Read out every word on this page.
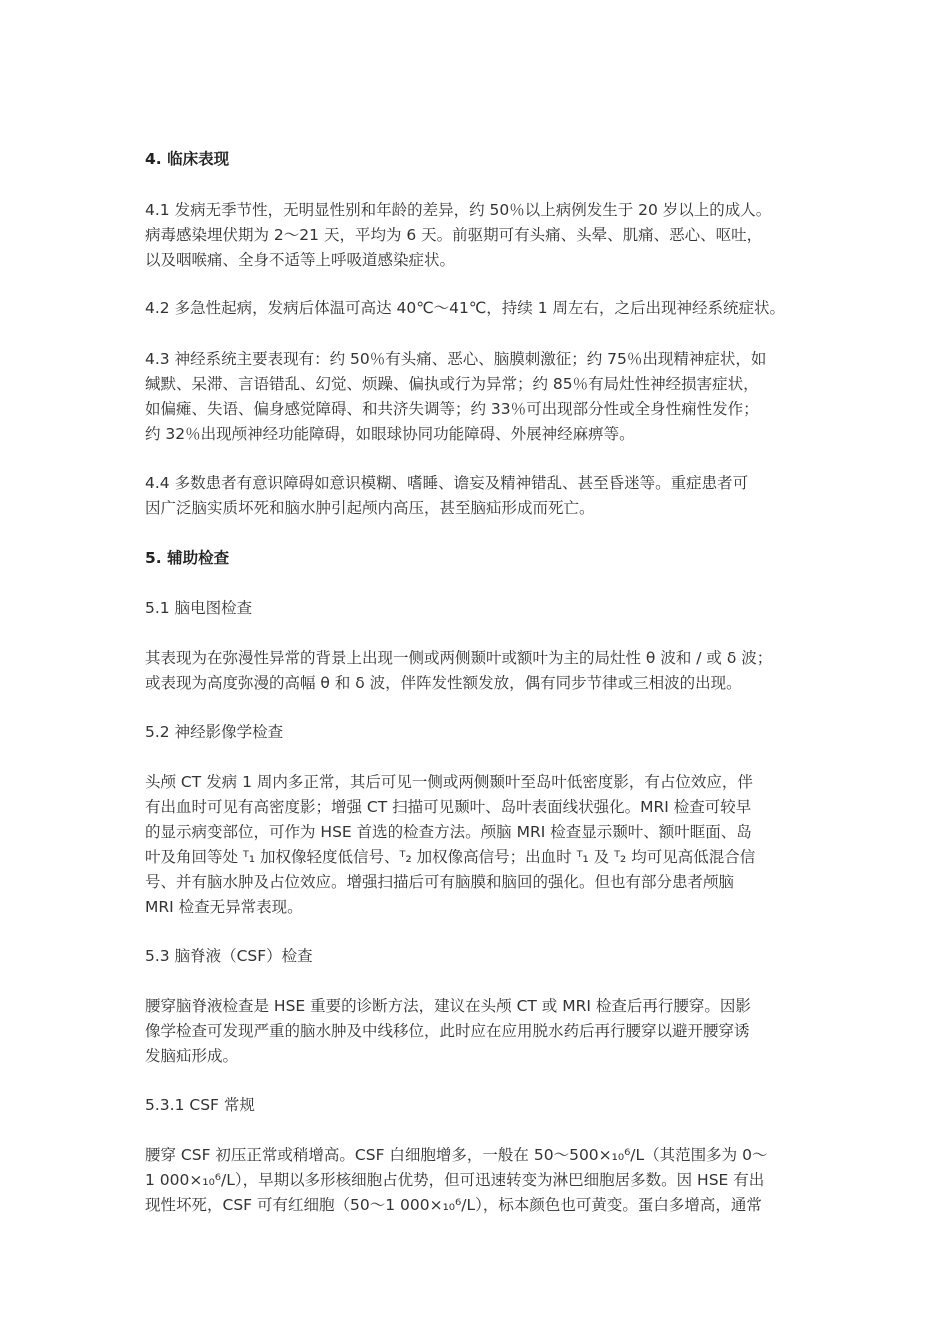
4. 临床表现
4.1 发病无季节性，无明显性别和年龄的差异，约 50％以上病例发生于 20 岁以上的成人。
病毒感染埋伏期为 2～21 天，平均为 6 天。前驱期可有头痛、头晕、肌痛、恶心、呕吐，
以及咽喉痛、全身不适等上呼吸道感染症状。
4.2 多急性起病，发病后体温可高达 40℃～41℃，持续 1 周左右，之后出现神经系统症状。
4.3 神经系统主要表现有：约 50％有头痛、恶心、脑膜刺激征；约 75％出现精神症状，如
缄默、呆滞、言语错乱、幻觉、烦躁、偏执或行为异常；约 85％有局灶性神经损害症状，
如偏瘫、失语、偏身感觉障碍、和共济失调等；约 33％可出现部分性或全身性痫性发作；
约 32％出现颅神经功能障碍，如眼球协同功能障碍、外展神经麻痹等。
4.4 多数患者有意识障碍如意识模糊、嗜睡、谵妄及精神错乱、甚至昏迷等。重症患者可
因广泛脑实质坏死和脑水肿引起颅内高压，甚至脑疝形成而死亡。
5. 辅助检查
5.1 脑电图检查
其表现为在弥漫性异常的背景上出现一侧或两侧颞叶或额叶为主的局灶性 θ 波和 / 或 δ 波；
或表现为高度弥漫的高幅 θ 和 δ 波，伴阵发性额发放，偶有同步节律或三相波的出现。
5.2 神经影像学检查
头颅 CT 发病 1 周内多正常，其后可见一侧或两侧颞叶至岛叶低密度影，有占位效应，伴
有出血时可见有高密度影；增强 CT 扫描可见颞叶、岛叶表面线状强化。MRI 检查可较早
的显示病变部位，可作为 HSE 首选的检查方法。颅脑 MRI 检查显示颞叶、额叶眶面、岛
叶及角回等处 ᵀ₁ 加权像轻度低信号、ᵀ₂ 加权像高信号；出血时 ᵀ₁ 及 ᵀ₂ 均可见高低混合信
号、并有脑水肿及占位效应。增强扫描后可有脑膜和脑回的强化。但也有部分患者颅脑
MRI 检查无异常表现。
5.3 脑脊液（CSF）检查
腰穿脑脊液检查是 HSE 重要的诊断方法，建议在头颅 CT 或 MRI 检查后再行腰穿。因影
像学检查可发现严重的脑水肿及中线移位，此时应在应用脱水药后再行腰穿以避开腰穿诱
发脑疝形成。
5.3.1 CSF 常规
腰穿 CSF 初压正常或稍增高。CSF 白细胞增多，一般在 50～500×₁₀⁶/L（其范围多为 0～
1 000×₁₀⁶/L），早期以多形核细胞占优势，但可迅速转变为淋巴细胞居多数。因 HSE 有出
现性坏死，CSF 可有红细胞（50～1 000×₁₀⁶/L），标本颜色也可黄变。蛋白多增高，通常
